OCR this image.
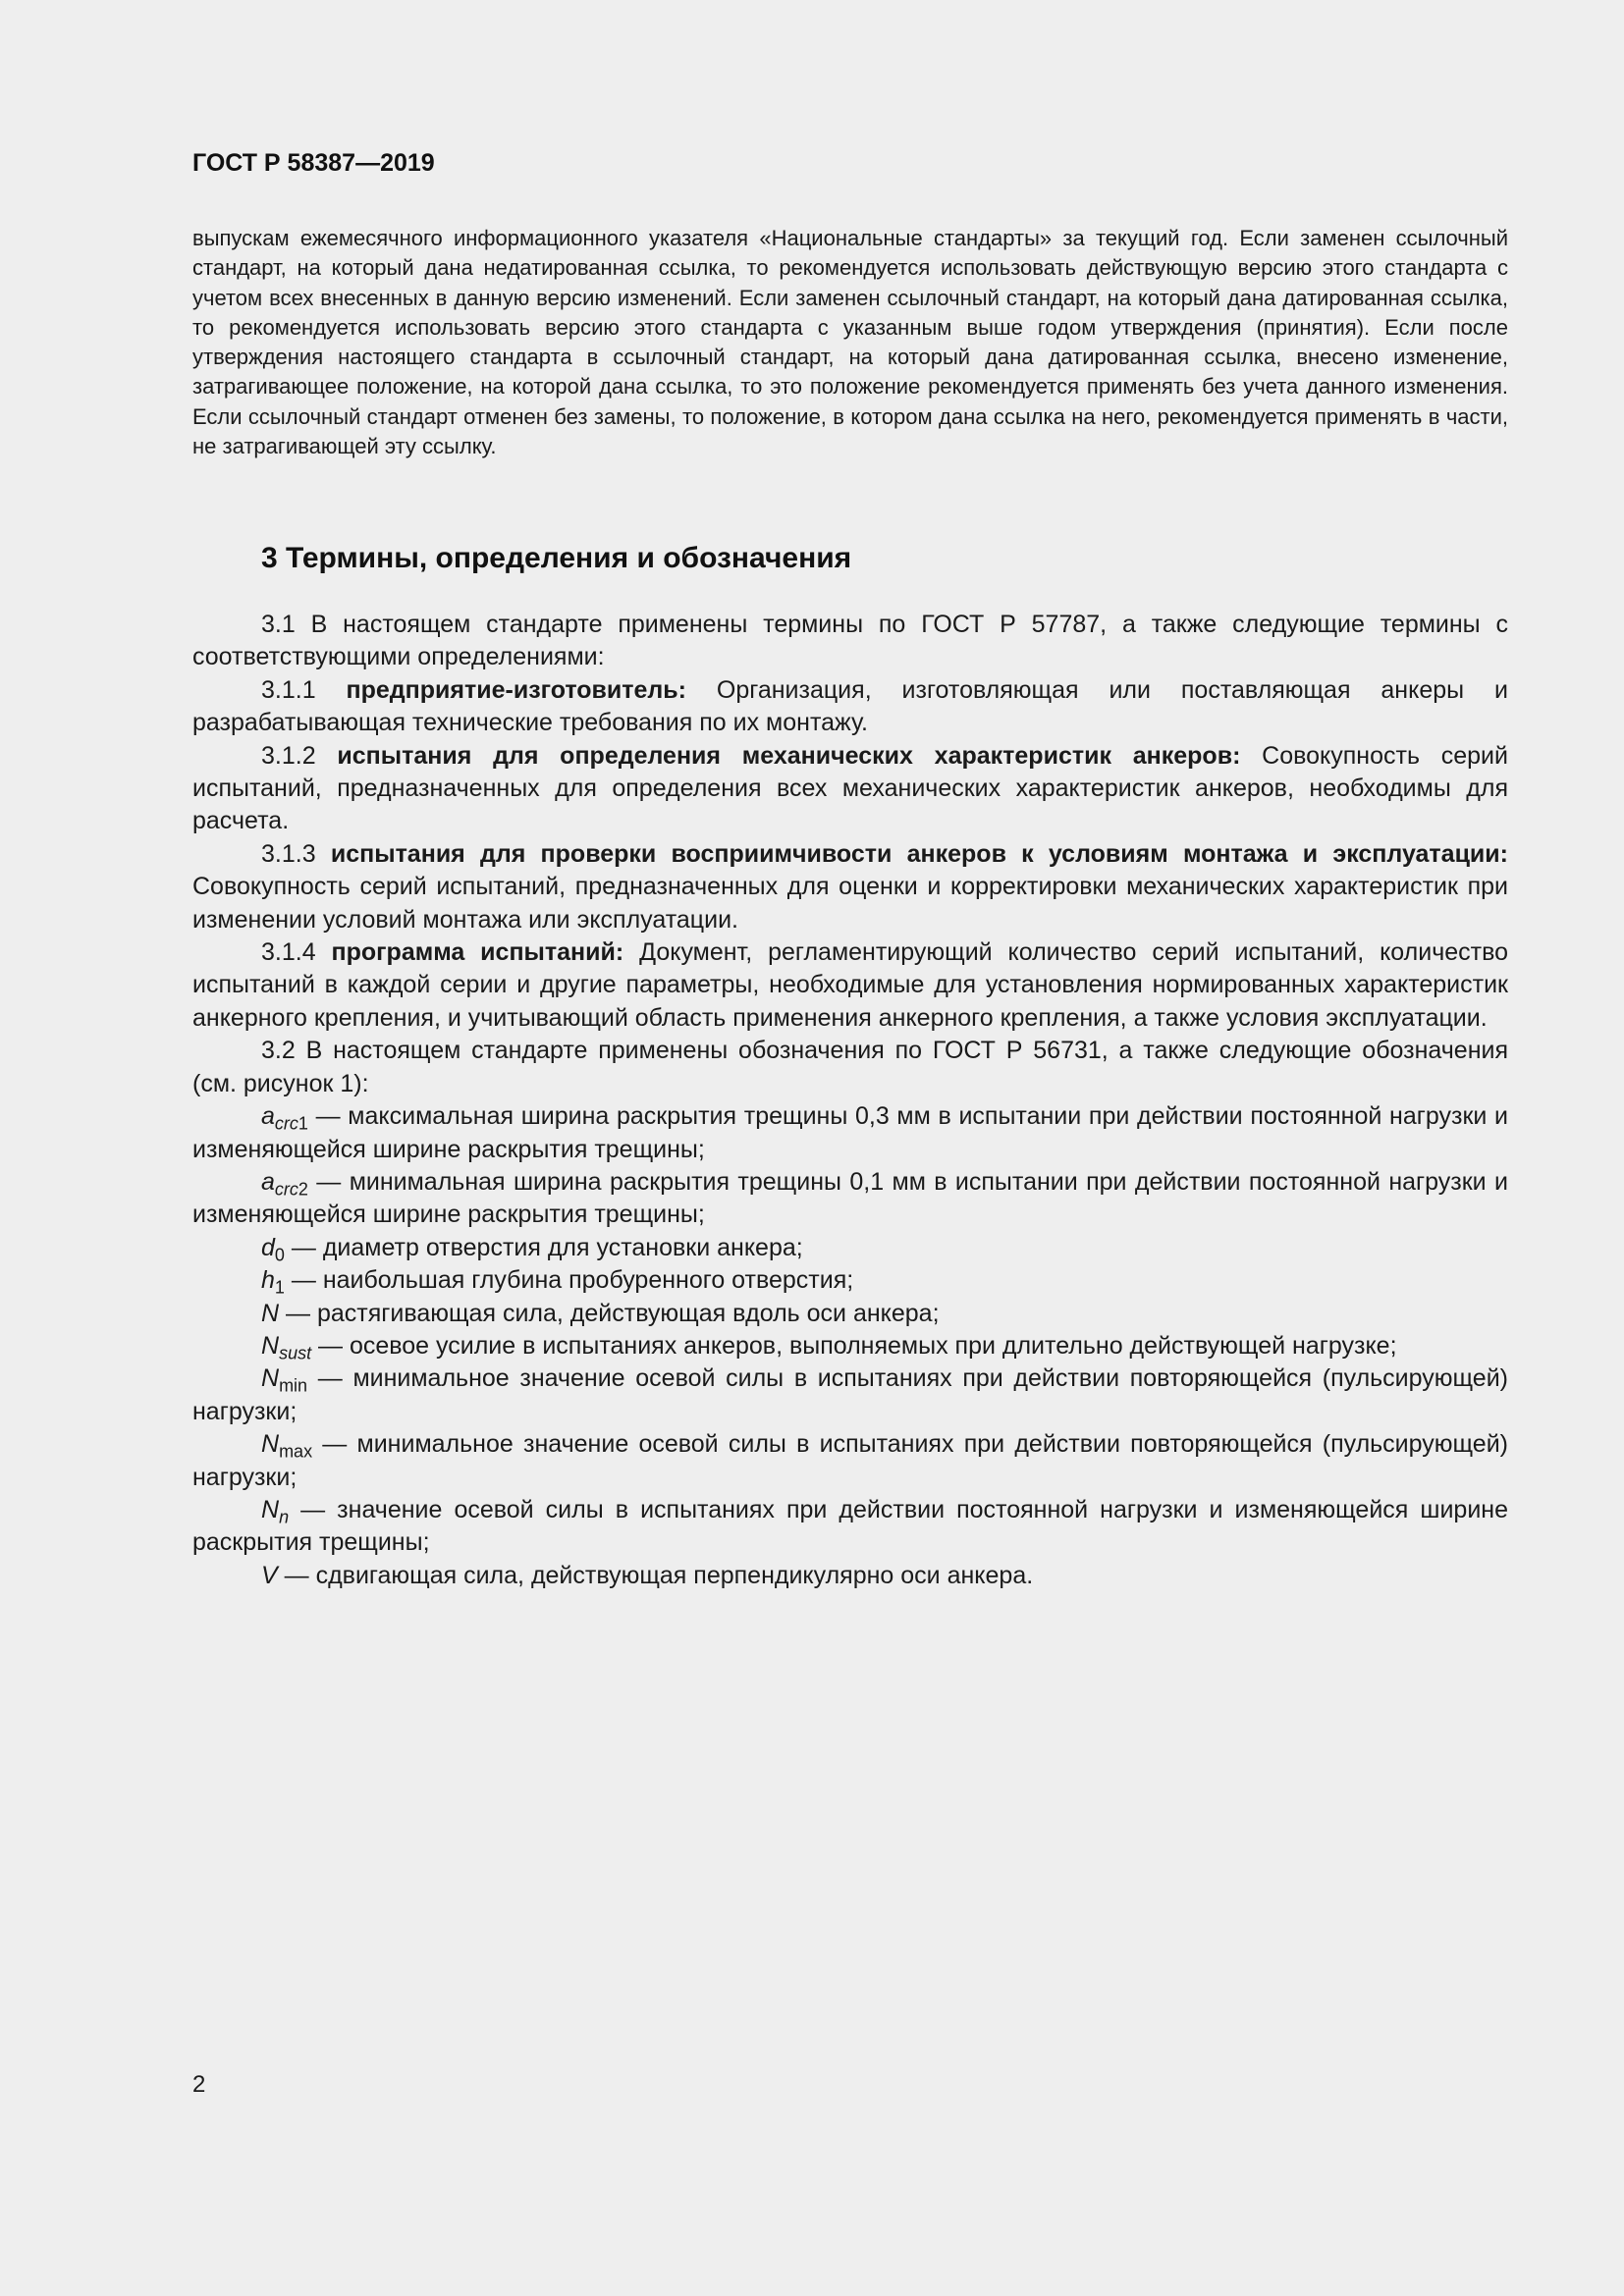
ГОСТ Р 58387—2019

выпускам ежемесячного информационного указателя «Национальные стандарты» за текущий год. Если заменен ссылочный стандарт, на который дана недатированная ссылка, то рекомендуется использовать действующую версию этого стандарта с учетом всех внесенных в данную версию изменений. Если заменен ссылочный стандарт, на который дана датированная ссылка, то рекомендуется использовать версию этого стандарта с указанным выше годом утверждения (принятия). Если после утверждения настоящего стандарта в ссылочный стандарт, на который дана датированная ссылка, внесено изменение, затрагивающее положение, на которой дана ссылка, то это положение рекомендуется применять без учета данного изменения. Если ссылочный стандарт отменен без замены, то положение, в котором дана ссылка на него, рекомендуется применять в части, не затрагивающей эту ссылку.

3 Термины, определения и обозначения

3.1 В настоящем стандарте применены термины по ГОСТ Р 57787, а также следующие термины с соответствующими определениями:

3.1.1 предприятие-изготовитель: Организация, изготовляющая или поставляющая анкеры и разрабатывающая технические требования по их монтажу.

3.1.2 испытания для определения механических характеристик анкеров: Совокупность серий испытаний, предназначенных для определения всех механических характеристик анкеров, необходимы для расчета.

3.1.3 испытания для проверки восприимчивости анкеров к условиям монтажа и эксплуатации: Совокупность серий испытаний, предназначенных для оценки и корректировки механических характеристик при изменении условий монтажа или эксплуатации.

3.1.4 программа испытаний: Документ, регламентирующий количество серий испытаний, количество испытаний в каждой серии и другие параметры, необходимые для установления нормированных характеристик анкерного крепления, и учитывающий область применения анкерного крепления, а также условия эксплуатации.

3.2 В настоящем стандарте применены обозначения по ГОСТ Р 56731, а также следующие обозначения (см. рисунок 1):

$a_{crc1}$ — максимальная ширина раскрытия трещины 0,3 мм в испытании при действии постоянной нагрузки и изменяющейся ширине раскрытия трещины;

$a_{crc2}$ — минимальная ширина раскрытия трещины 0,1 мм в испытании при действии постоянной нагрузки и изменяющейся ширине раскрытия трещины;

$d_0$ — диаметр отверстия для установки анкера;

$h_1$ — наибольшая глубина пробуренного отверстия;

N — растягивающая сила, действующая вдоль оси анкера;

$N_{sust}$ — осевое усилие в испытаниях анкеров, выполняемых при длительно действующей нагрузке;

$N_{min}$ — минимальное значение осевой силы в испытаниях при действии повторяющейся (пульсирующей) нагрузки;

$N_{max}$ — минимальное значение осевой силы в испытаниях при действии повторяющейся (пульсирующей) нагрузки;

$N_n$ — значение осевой силы в испытаниях при действии постоянной нагрузки и изменяющейся ширине раскрытия трещины;

V — сдвигающая сила, действующая перпендикулярно оси анкера.

2
